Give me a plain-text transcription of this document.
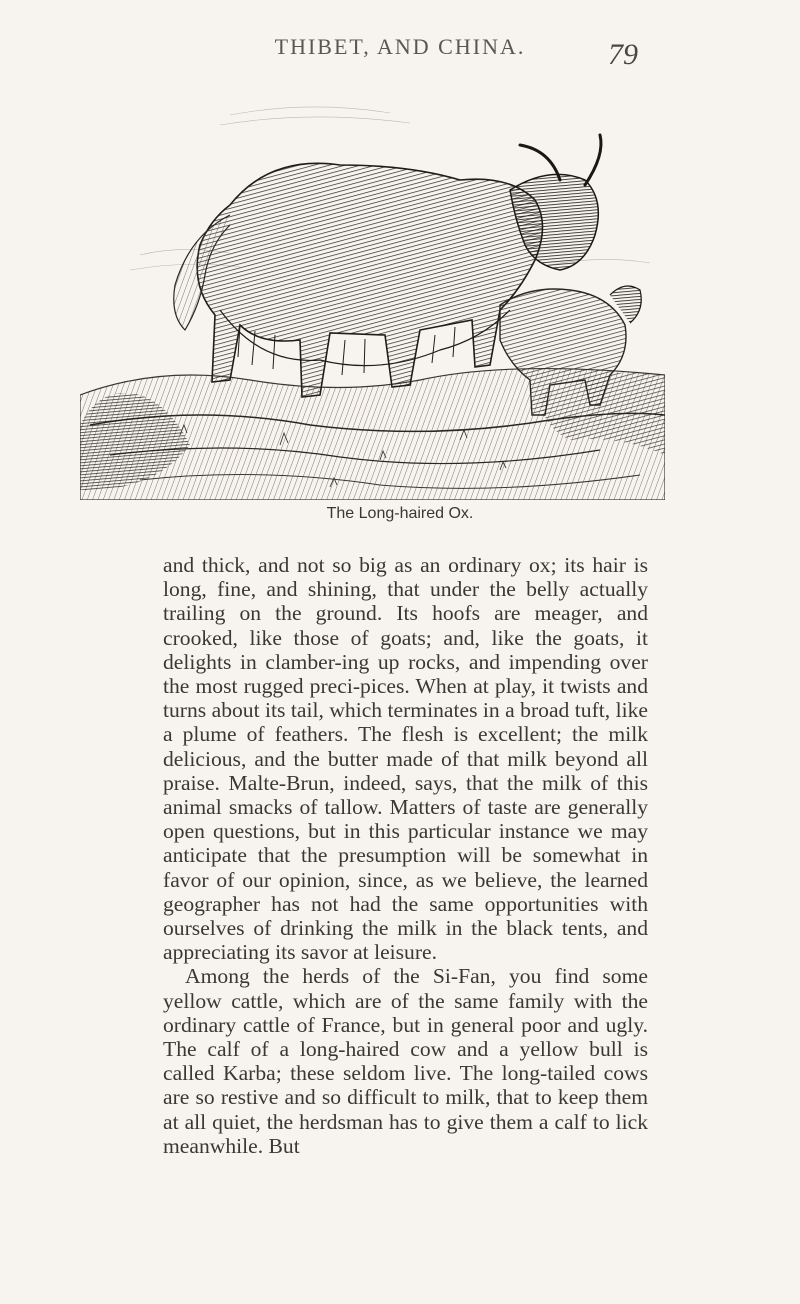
THIBET, AND CHINA.	79
The Long-haired Ox.

and thick, and not so big as an ordinary ox; its hair is long, fine, and shining, that under the belly actually trailing on the ground. Its hoofs are meager, and crooked, like those of goats; and, like the goats, it delights in clamber-ing up rocks, and impending over the most rugged preci-pices. When at play, it twists and turns about its tail, which terminates in a broad tuft, like a plume of feathers. The flesh is excellent; the milk delicious, and the butter made of that milk beyond all praise. Malte-Brun, indeed, says, that the milk of this animal smacks of tallow. Matters of taste are generally open questions, but in this particular instance we may anticipate that the presumption will be somewhat in favor of our opinion, since, as we believe, the learned geographer has not had the same opportunities with ourselves of drinking the milk in the black tents, and appreciating its savor at leisure.

Among the herds of the Si-Fan, you find some yellow cattle, which are of the same family with the ordinary cattle of France, but in general poor and ugly. The calf of a long-haired cow and a yellow bull is called Karba; these seldom live. The long-tailed cows are so restive and so difficult to milk, that to keep them at all quiet, the herdsman has to give them a calf to lick meanwhile. But
